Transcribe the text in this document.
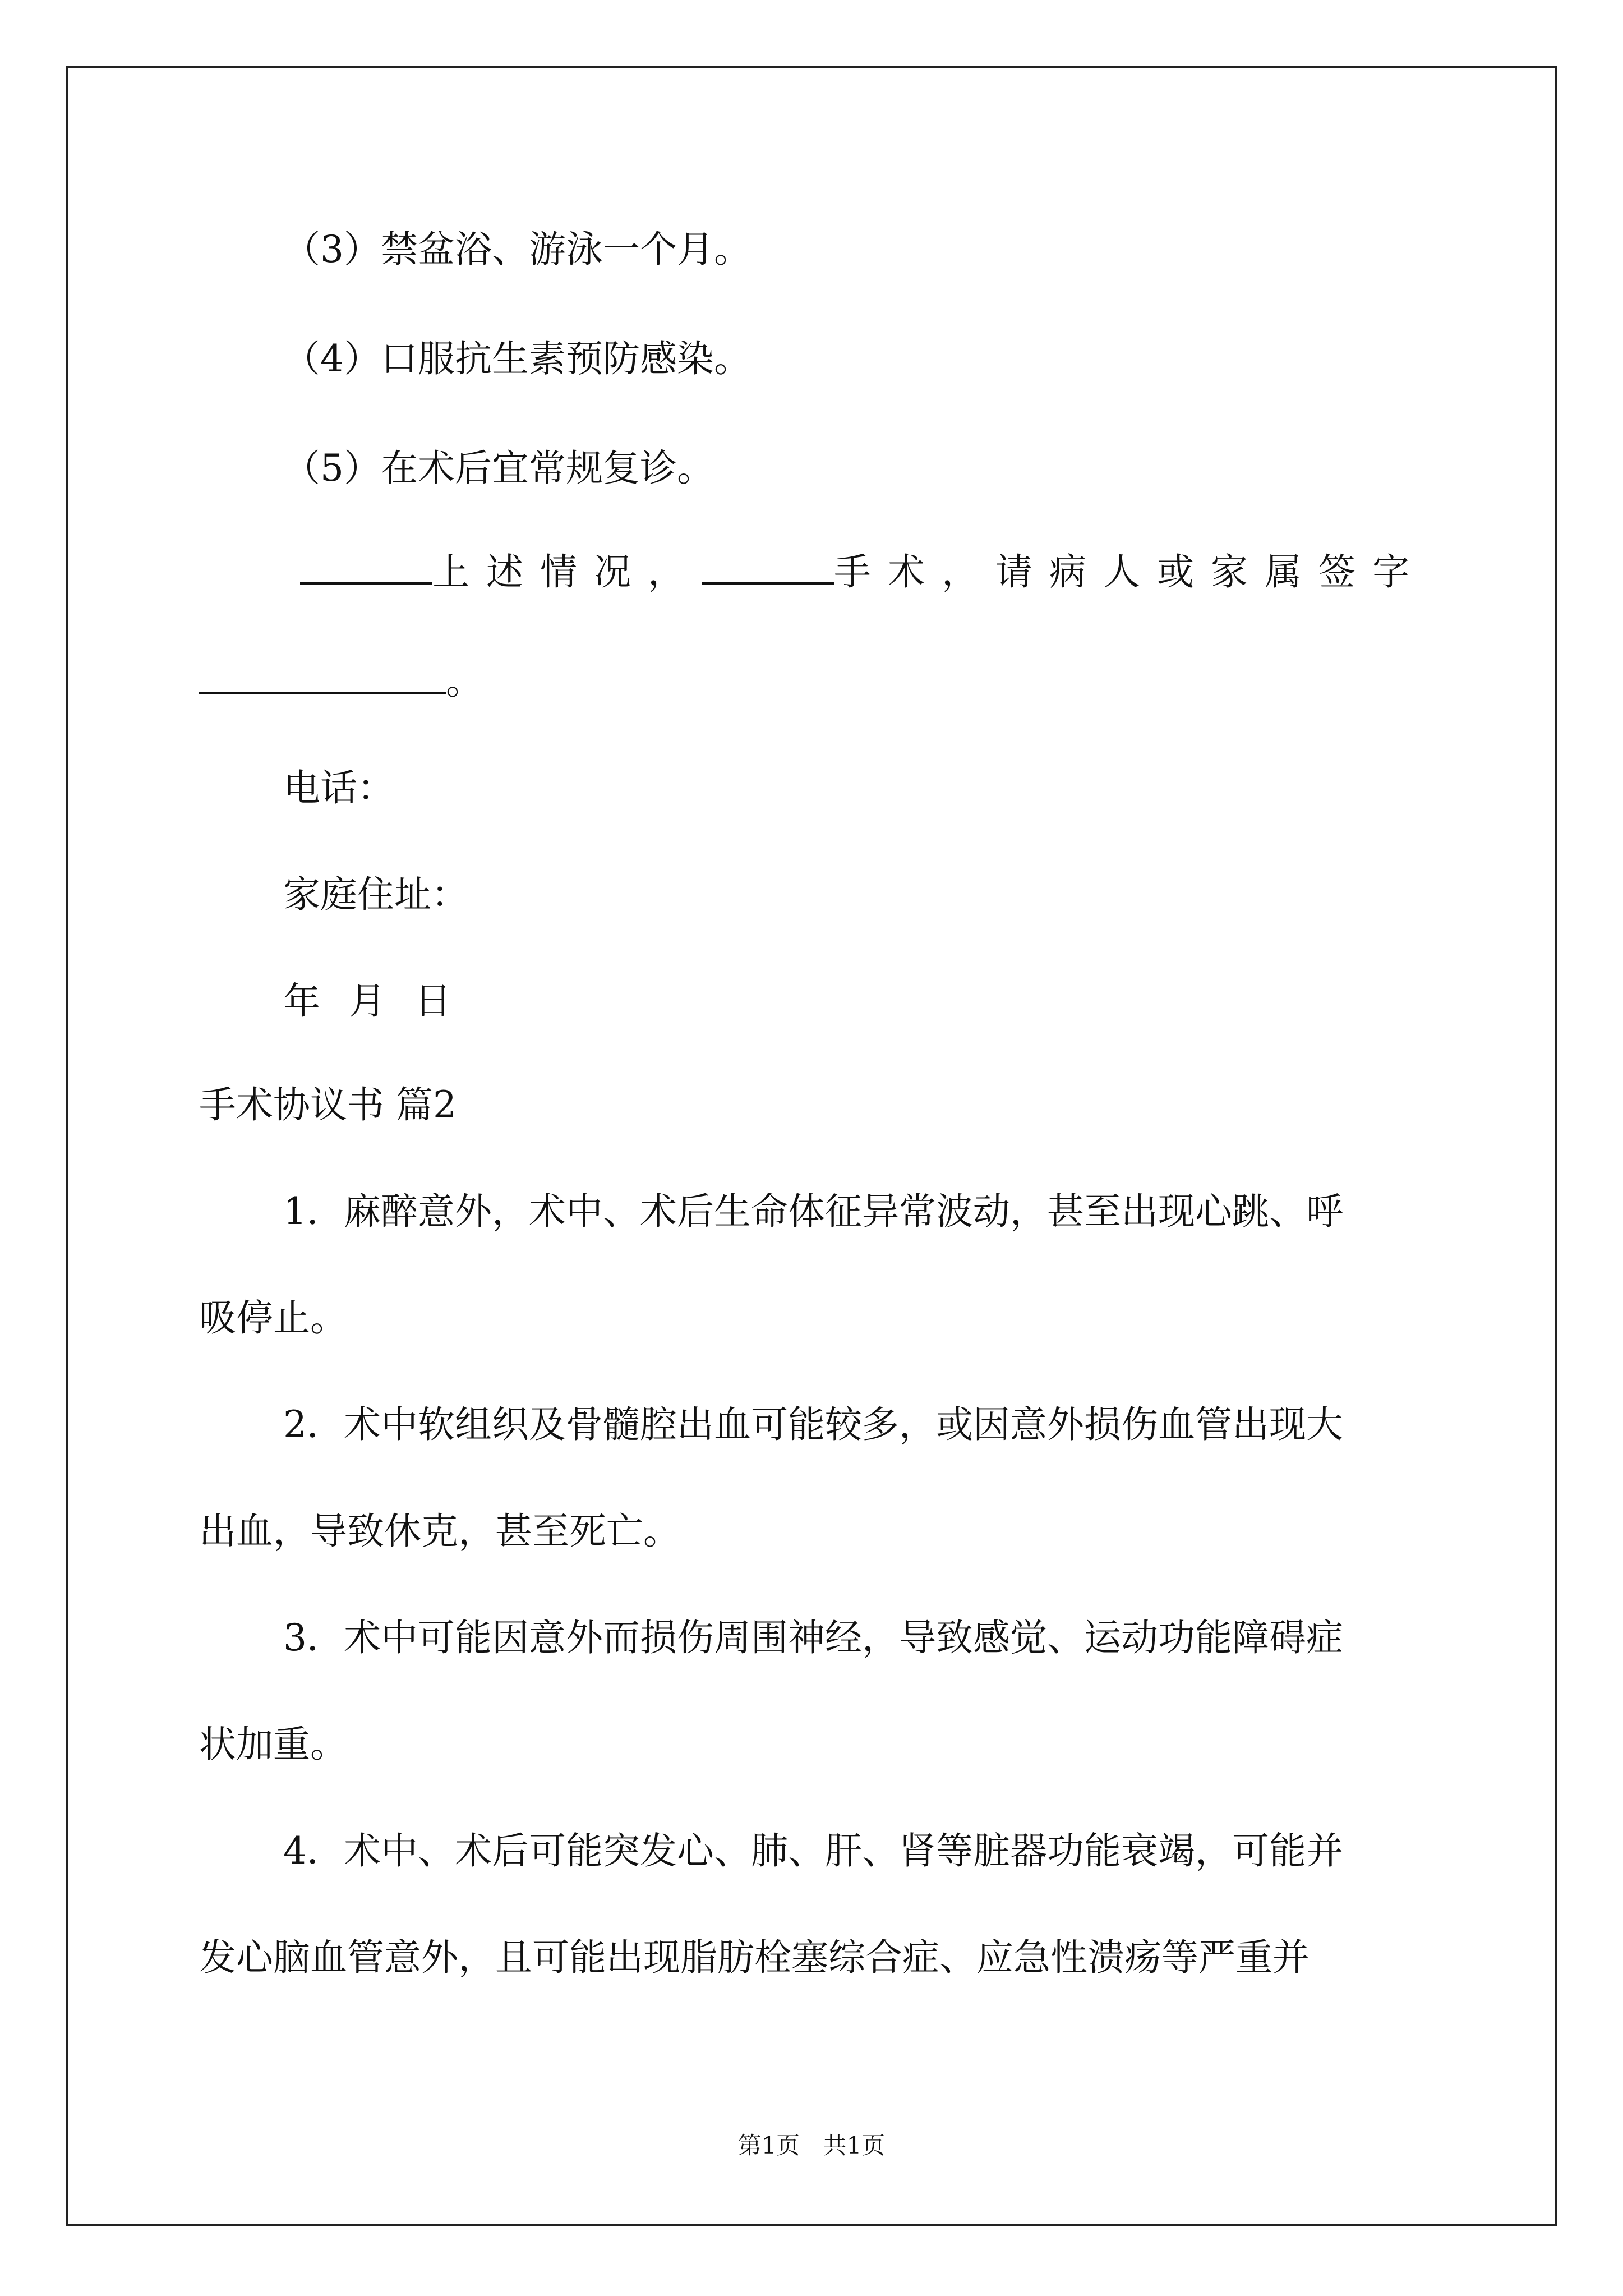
（3）禁盆浴、游泳一个月。
（4）口服抗生素预防感染。
（5）在术后宜常规复诊。
上述情况，	手术，请病人或家属签字
。
电话：
家庭住址：
年 月 日
手术协议书 篇2
1．麻醉意外，术中、术后生命体征异常波动，甚至出现心跳、呼
吸停止。
2．术中软组织及骨髓腔出血可能较多，或因意外损伤血管出现大
出血，导致休克，甚至死亡。
3．术中可能因意外而损伤周围神经，导致感觉、运动功能障碍症
状加重。
4．术中、术后可能突发心、肺、肝、肾等脏器功能衰竭，可能并
发心脑血管意外，且可能出现脂肪栓塞综合症、应急性溃疡等严重并
第1页 共1页
